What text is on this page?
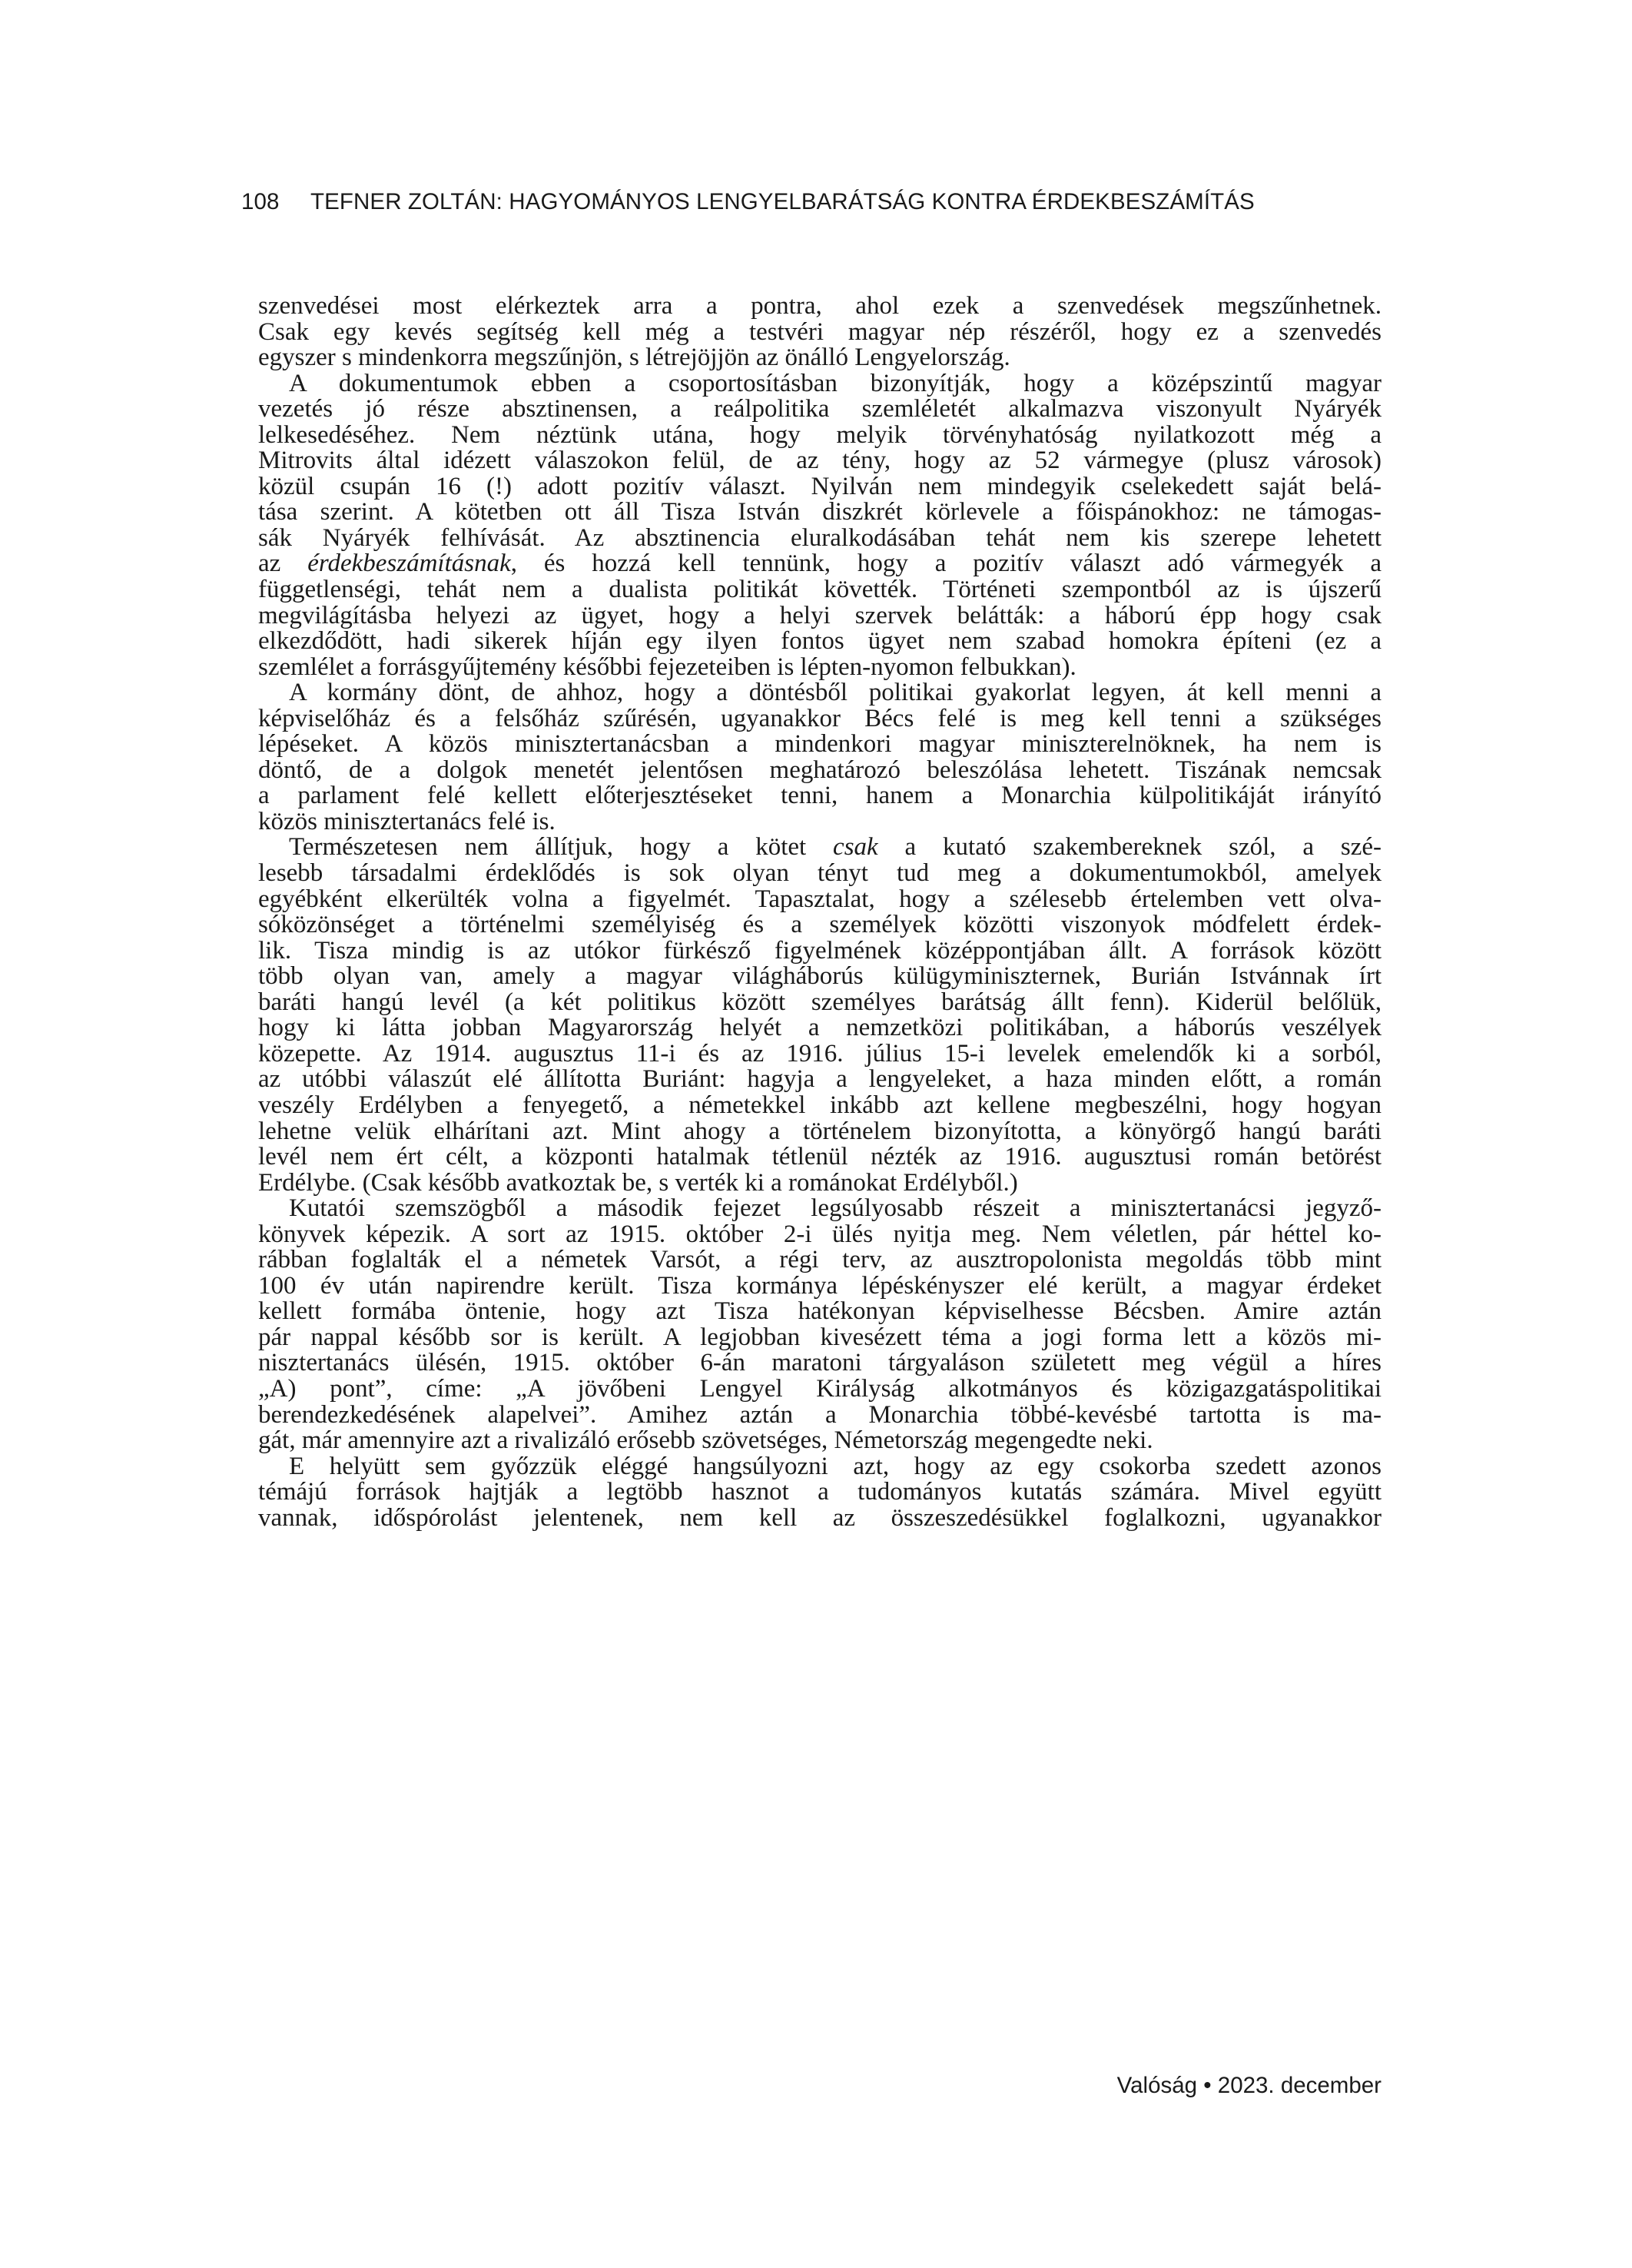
108 TEFNER ZOLTÁN: HAGYOMÁNYOS LENGYELBARÁTSÁG KONTRA ÉRDEKBESZÁMÍTÁS
szenvedései most elérkeztek arra a pontra, ahol ezek a szenvedések megszűnhetnek.
Csak egy kevés segítség kell még a testvéri magyar nép részéről, hogy ez a szenvedés
egyszer s mindenkorra megszűnjön, s létrejöjjön az önálló Lengyelország.
A dokumentumok ebben a csoportosításban bizonyítják, hogy a középszintű magyar
vezetés jó része absztinensen, a reálpolitika szemléletét alkalmazva viszonyult Nyáryék
lelkesedéséhez. Nem néztünk utána, hogy melyik törvényhatóság nyilatkozott még a
Mitrovits által idézett válaszokon felül, de az tény, hogy az 52 vármegye (plusz városok)
közül csupán 16 (!) adott pozitív választ. Nyilván nem mindegyik cselekedett saját belá-
tása szerint. A kötetben ott áll Tisza István diszkrét körlevele a főispánokhoz: ne támogas-
sák Nyáryék felhívását. Az absztinencia eluralkodásában tehát nem kis szerepe lehetett
az érdekbeszámításnak, és hozzá kell tennünk, hogy a pozitív választ adó vármegyék a
függetlenségi, tehát nem a dualista politikát követték. Történeti szempontból az is újszerű
megvilágításba helyezi az ügyet, hogy a helyi szervek belátták: a háború épp hogy csak
elkezdődött, hadi sikerek híján egy ilyen fontos ügyet nem szabad homokra építeni (ez a
szemlélet a forrásgyűjtemény későbbi fejezeteiben is lépten-nyomon felbukkan).
A kormány dönt, de ahhoz, hogy a döntésből politikai gyakorlat legyen, át kell menni a
képviselőház és a felsőház szűrésén, ugyanakkor Bécs felé is meg kell tenni a szükséges
lépéseket. A közös minisztertanácsban a mindenkori magyar miniszterelnöknek, ha nem is
döntő, de a dolgok menetét jelentősen meghatározó beleszólása lehetett. Tiszának nemcsak
a parlament felé kellett előterjesztéseket tenni, hanem a Monarchia külpolitikáját irányító
közös minisztertanács felé is.
Természetesen nem állítjuk, hogy a kötet csak a kutató szakembereknek szól, a szé-
lesebb társadalmi érdeklődés is sok olyan tényt tud meg a dokumentumokból, amelyek
egyébként elkerülték volna a figyelmét. Tapasztalat, hogy a szélesebb értelemben vett olva-
sóközönséget a történelmi személyiség és a személyek közötti viszonyok módfelett érdek-
lik. Tisza mindig is az utókor fürkésző figyelmének középpontjában állt. A források között
több olyan van, amely a magyar világháborús külügyminiszternek, Burián Istvánnak írt
baráti hangú levél (a két politikus között személyes barátság állt fenn). Kiderül belőlük,
hogy ki látta jobban Magyarország helyét a nemzetközi politikában, a háborús veszélyek
közepette. Az 1914. augusztus 11-i és az 1916. július 15-i levelek emelendők ki a sorból,
az utóbbi válaszút elé állította Buriánt: hagyja a lengyeleket, a haza minden előtt, a román
veszély Erdélyben a fenyegető, a németekkel inkább azt kellene megbeszélni, hogy hogyan
lehetne velük elhárítani azt. Mint ahogy a történelem bizonyította, a könyörgő hangú baráti
levél nem ért célt, a központi hatalmak tétlenül nézték az 1916. augusztusi román betörést
Erdélybe. (Csak később avatkoztak be, s verték ki a románokat Erdélyből.)
Kutatói szemszögből a második fejezet legsúlyosabb részeit a minisztertanácsi jegyző-
könyvek képezik. A sort az 1915. október 2-i ülés nyitja meg. Nem véletlen, pár héttel ko-
rábban foglalták el a németek Varsót, a régi terv, az ausztropolonista megoldás több mint
100 év után napirendre került. Tisza kormánya lépéskényszer elé került, a magyar érdeket
kellett formába öntenie, hogy azt Tisza hatékonyan képviselhesse Bécsben. Amire aztán
pár nappal később sor is került. A legjobban kivesézett téma a jogi forma lett a közös mi-
nisztertanács ülésén, 1915. október 6-án maratoni tárgyaláson született meg végül a híres
„A) pont”, címe: „A jövőbeni Lengyel Királyság alkotmányos és közigazgatáspolitikai
berendezkedésének alapelvei”. Amihez aztán a Monarchia többé-kevésbé tartotta is ma-
gát, már amennyire azt a rivalizáló erősebb szövetséges, Németország megengedte neki.
E helyütt sem győzzük eléggé hangsúlyozni azt, hogy az egy csokorba szedett azonos
témájú források hajtják a legtöbb hasznot a tudományos kutatás számára. Mivel együtt
vannak, időspórolást jelentenek, nem kell az összeszedésükkel foglalkozni, ugyanakkor
Valóság • 2023. december
